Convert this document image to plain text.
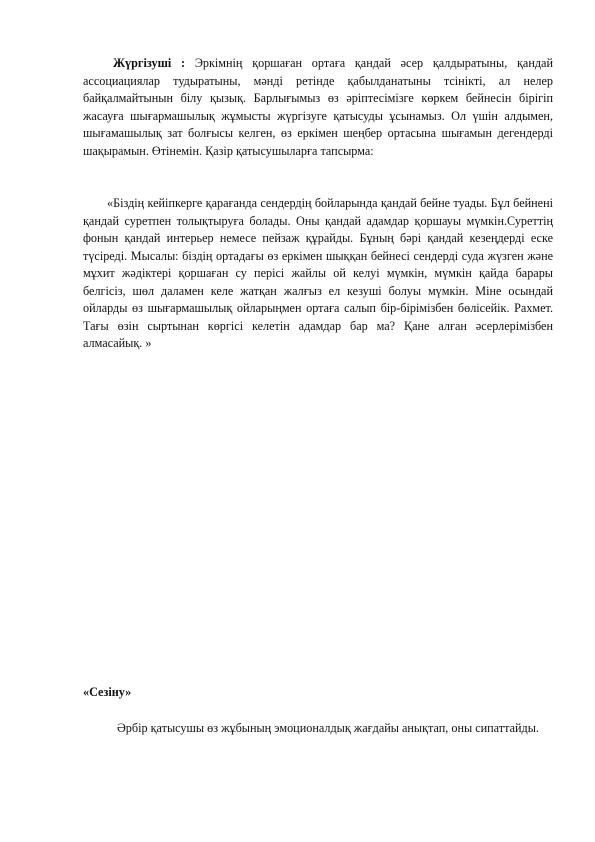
Жүргізуші : Эркімнің қоршаған ортаға қандай әсер қалдыратыны, қандай ассоциациялар тудыратыны, мәнді ретінде қабылданатыны тсінікті, ал нелер байқалмайтынын білу қызық. Барлығымыз өз әріптесімізге көркем бейнесін бірігіп жасауға шығармашылық жұмысты жүргізуге қатысуды ұсынамыз. Ол үшін алдымен, шығамашылық зат болғысы келген, өз еркімен шеңбер ортасына шығамын дегендерді шақырамын. Өтінемін. Қазір қатысушыларға тапсырма:

«Біздің кейіпкерге қарағанда сендердің бойларында қандай бейне туады. Бұл бейнені қандай суретпен толықтыруға болады. Оны қандай адамдар қоршауы мүмкін.Суреттің фонын қандай интерьер немесе пейзаж құрайды. Бұның бәрі қандай кезеңдерді еске түсіреді. Мысалы: біздің ортадағы өз еркімен шыққан бейнесі сендерді суда жүзген және мұхит жәдіктері қоршаған су перісі жайлы ой келуі мүмкін, мүмкін қайда барары белгісіз, шөл даламен келе жатқан жалғыз ел кезуші болуы мүмкін. Міне осындай ойларды өз шығармашылық ойларыңмен ортаға салып бір-бірімізбен бөлісейік. Рахмет. Тағы өзін сыртынан көргісі келетін адамдар бар ма? Қане алған әсерлерімізбен алмасайық. »

«Сезіну»

Әрбір қатысушы өз жұбының эмоционалдық жағдайы анықтап, оны сипаттайды.
